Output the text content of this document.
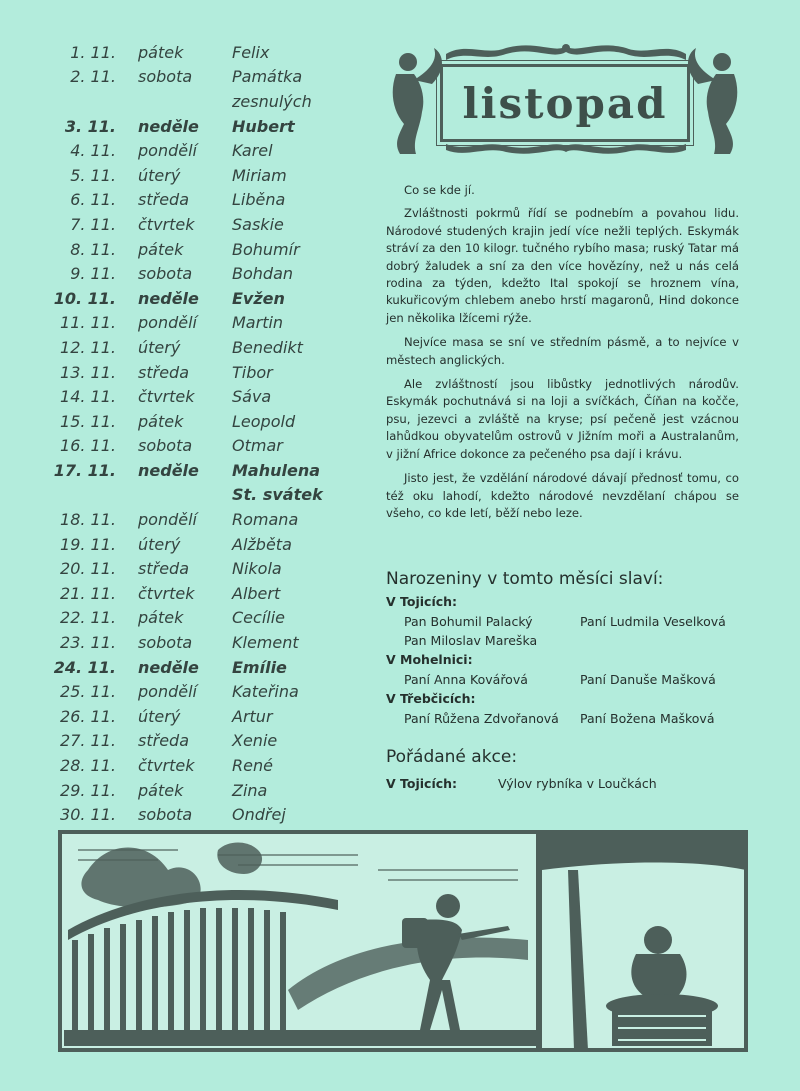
1. 11.	pátek	Felix
2. 11.	sobota	Památka
zesnulých
3. 11.	neděle	Hubert
4. 11.	pondělí	Karel
5. 11.	úterý	Miriam
6. 11.	středa	Liběna
7. 11.	čtvrtek	Saskie
8. 11.	pátek	Bohumír
9. 11.	sobota	Bohdan
10. 11.	neděle	Evžen
11. 11.	pondělí	Martin
12. 11.	úterý	Benedikt
13. 11.	středa	Tibor
14. 11.	čtvrtek	Sáva
15. 11.	pátek	Leopold
16. 11.	sobota	Otmar
17. 11.	neděle	Mahulena
St. svátek
18. 11.	pondělí	Romana
19. 11.	úterý	Alžběta
20. 11.	středa	Nikola
21. 11.	čtvrtek	Albert
22. 11.	pátek	Cecílie
23. 11.	sobota	Klement
24. 11.	neděle	Emílie
25. 11.	pondělí	Kateřina
26. 11.	úterý	Artur
27. 11.	středa	Xenie
28. 11.	čtvrtek	René
29. 11.	pátek	Zina
30. 11.	sobota	Ondřej
listopad

Co se kde jí.

Zvláštnosti pokrmů řídí se podnebím a povahou lidu. Národové studených krajin jedí více nežli teplých. Eskymák stráví za den 10 kilogr. tučného rybího masa; ruský Tatar má dobrý žaludek a sní za den více hovězíny, než u nás celá rodina za týden, kdežto Ital spokojí se hroznem vína, kukuřicovým chlebem anebo hrstí magaronů, Hind dokonce jen několika lžícemi rýže.

Nejvíce masa se sní ve středním pásmě, a to nejvíce v městech anglických.

Ale zvláštností jsou libůstky jednotlivých národův. Eskymák pochutnává si na loji a svíčkách, Číňan na kočče, psu, jezevci a zvláště na kryse; psí pečeně jest vzácnou lahůdkou obyvatelům ostrovů v Jižním moři a Australanům, v jižní Africe dokonce za pečeného psa dají i krávu.

Jisto jest, že vzdělání národové dávají přednosť tomu, co též oku lahodí, kdežto národové nevzdělaní chápou se všeho, co kde letí, běží nebo leze.

Narozeniny v tomto měsíci slaví:
V Tojicích:
Pan Bohumil Palacký	Paní Ludmila Veselková
Pan Miloslav Mareška
V Mohelnici:
Paní Anna Kovářová	Paní Danuše Mašková
V Třebčicích:
Paní Růžena Zdvořanová	Paní Božena Mašková
Pořádané akce:
V Tojicích:	Výlov rybníka v Loučkách
